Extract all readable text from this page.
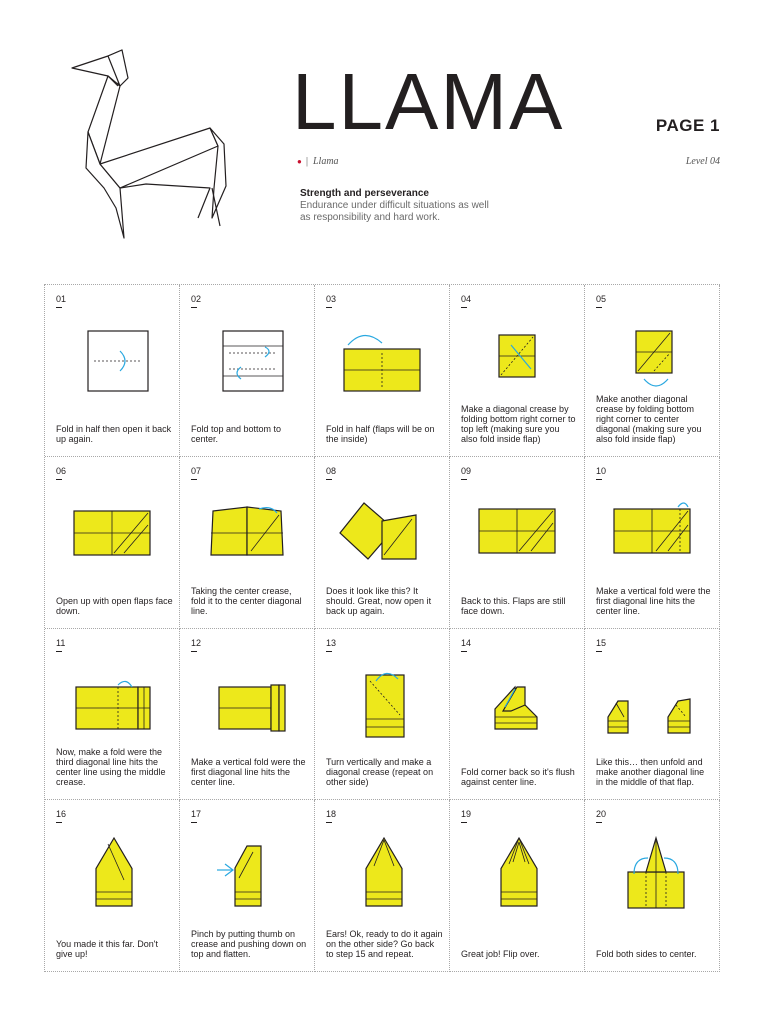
LLAMA	PAGE 1
● | Llama	Level 04
Strength and perseverance
Endurance under difficult situations as well as responsibility and hard work.
01
Fold in half then open it back up again.
02
Fold top and bottom to center.
03
Fold in half (flaps will be on the inside)
04
Make a diagonal crease by folding bottom right corner to top left (making sure you also fold inside flap)
05
Make another diagonal crease by folding bottom right corner to center diagonal (making sure you also fold inside flap)
06
Open up with open flaps face down.
07
Taking the center crease, fold it to the center diagonal line.
08
Does it look like this? It should. Great, now open it back up again.
09
Back to this. Flaps are still face down.
10
Make a vertical fold were the first diagonal line hits the center line.
11
Now, make a fold were the third diagonal line hits the center line using the middle crease.
12
Make a vertical fold were the first diagonal line hits the center line.
13
Turn vertically and make a diagonal crease (repeat on other side)
14
Fold corner back so it's flush against center line.
15
Like this… then unfold and make another diagonal line in the middle of that flap.
16
You made it this far. Don't give up!
17
Pinch by putting thumb on crease and pushing down on top and flatten.
18
Ears! Ok, ready to do it again on the other side? Go back to step 15 and repeat.
19
Great job! Flip over.
20
Fold both sides to center.
